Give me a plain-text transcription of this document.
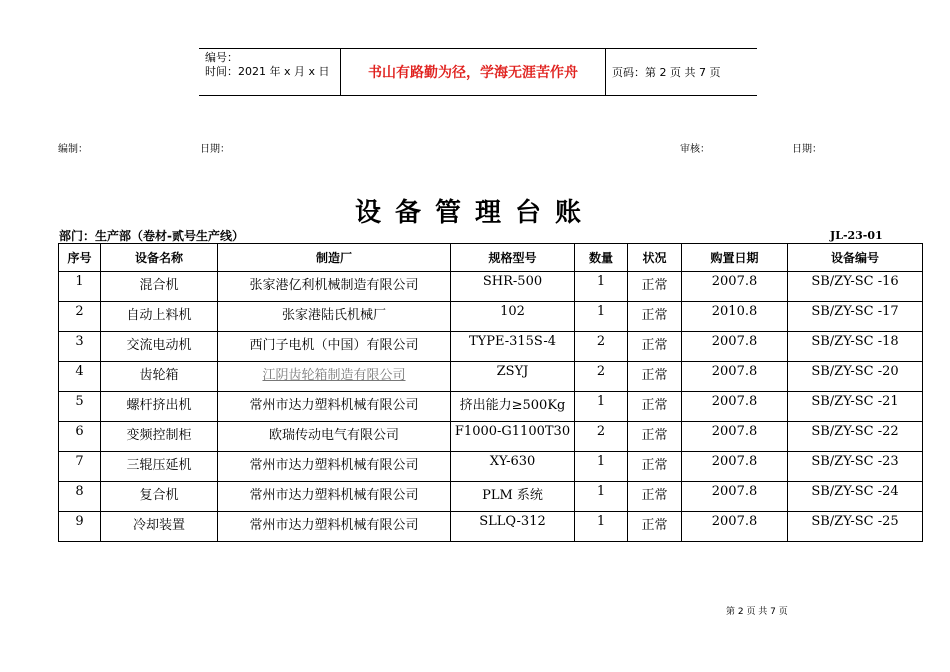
编号：
时间：2021 年 x 月 x 日	书山有路勤为径，学海无涯苦作舟	页码：第 2 页 共 7 页
编制：	日期：	审核：	日期：
设备管理台账
部门：生产部（卷材-贰号生产线）	JL-23-01
序号	设备名称	制造厂	规格型号	数量	状况	购置日期	设备编号
1	混合机	张家港亿利机械制造有限公司	SHR-500	1	正常	2007.8	SB/ZY-SC -16
2	自动上料机	张家港陆氏机械厂	102	1	正常	2010.8	SB/ZY-SC -17
3	交流电动机	西门子电机（中国）有限公司	TYPE-315S-4	2	正常	2007.8	SB/ZY-SC -18
4	齿轮箱	江阴齿轮箱制造有限公司	ZSYJ	2	正常	2007.8	SB/ZY-SC -20
5	螺杆挤出机	常州市达力塑料机械有限公司	挤出能力≥500Kg	1	正常	2007.8	SB/ZY-SC -21
6	变频控制柜	欧瑞传动电气有限公司	F1000-G1100T30	2	正常	2007.8	SB/ZY-SC -22
7	三辊压延机	常州市达力塑料机械有限公司	XY-630	1	正常	2007.8	SB/ZY-SC -23
8	复合机	常州市达力塑料机械有限公司	PLM 系统	1	正常	2007.8	SB/ZY-SC -24
9	冷却装置	常州市达力塑料机械有限公司	SLLQ-312	1	正常	2007.8	SB/ZY-SC -25
第 2 页 共 7 页
